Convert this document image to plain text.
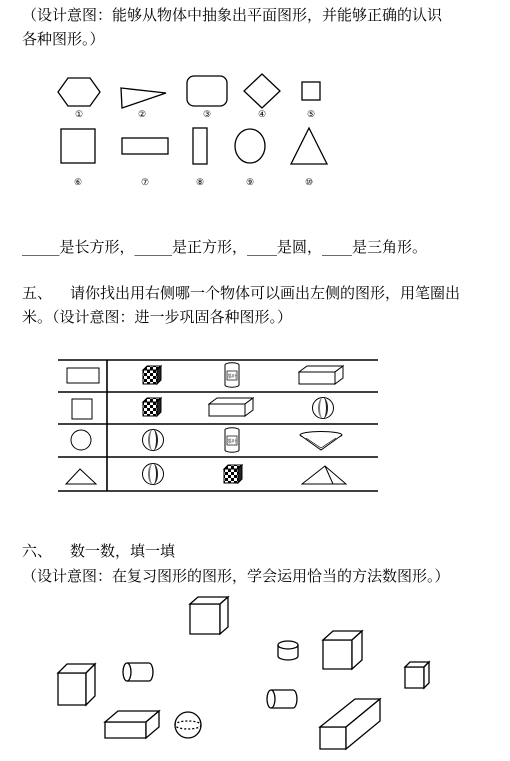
（设计意图：能够从物体中抽象出平面图形，并能够正确的认识
各种图形。）
①	②	③	④	⑤
⑥	⑦	⑧	⑨	⑩
_____是长方形，_____是正方形，____是圆，____是三角形。
五、 请你找出用右侧哪一个物体可以画出左侧的图形，用笔圈出
米。（设计意图：进一步巩固各种图形。）
茶叶
茶叶
六、 数一数，填一填
（设计意图：在复习图形的图形，学会运用恰当的方法数图形。）
